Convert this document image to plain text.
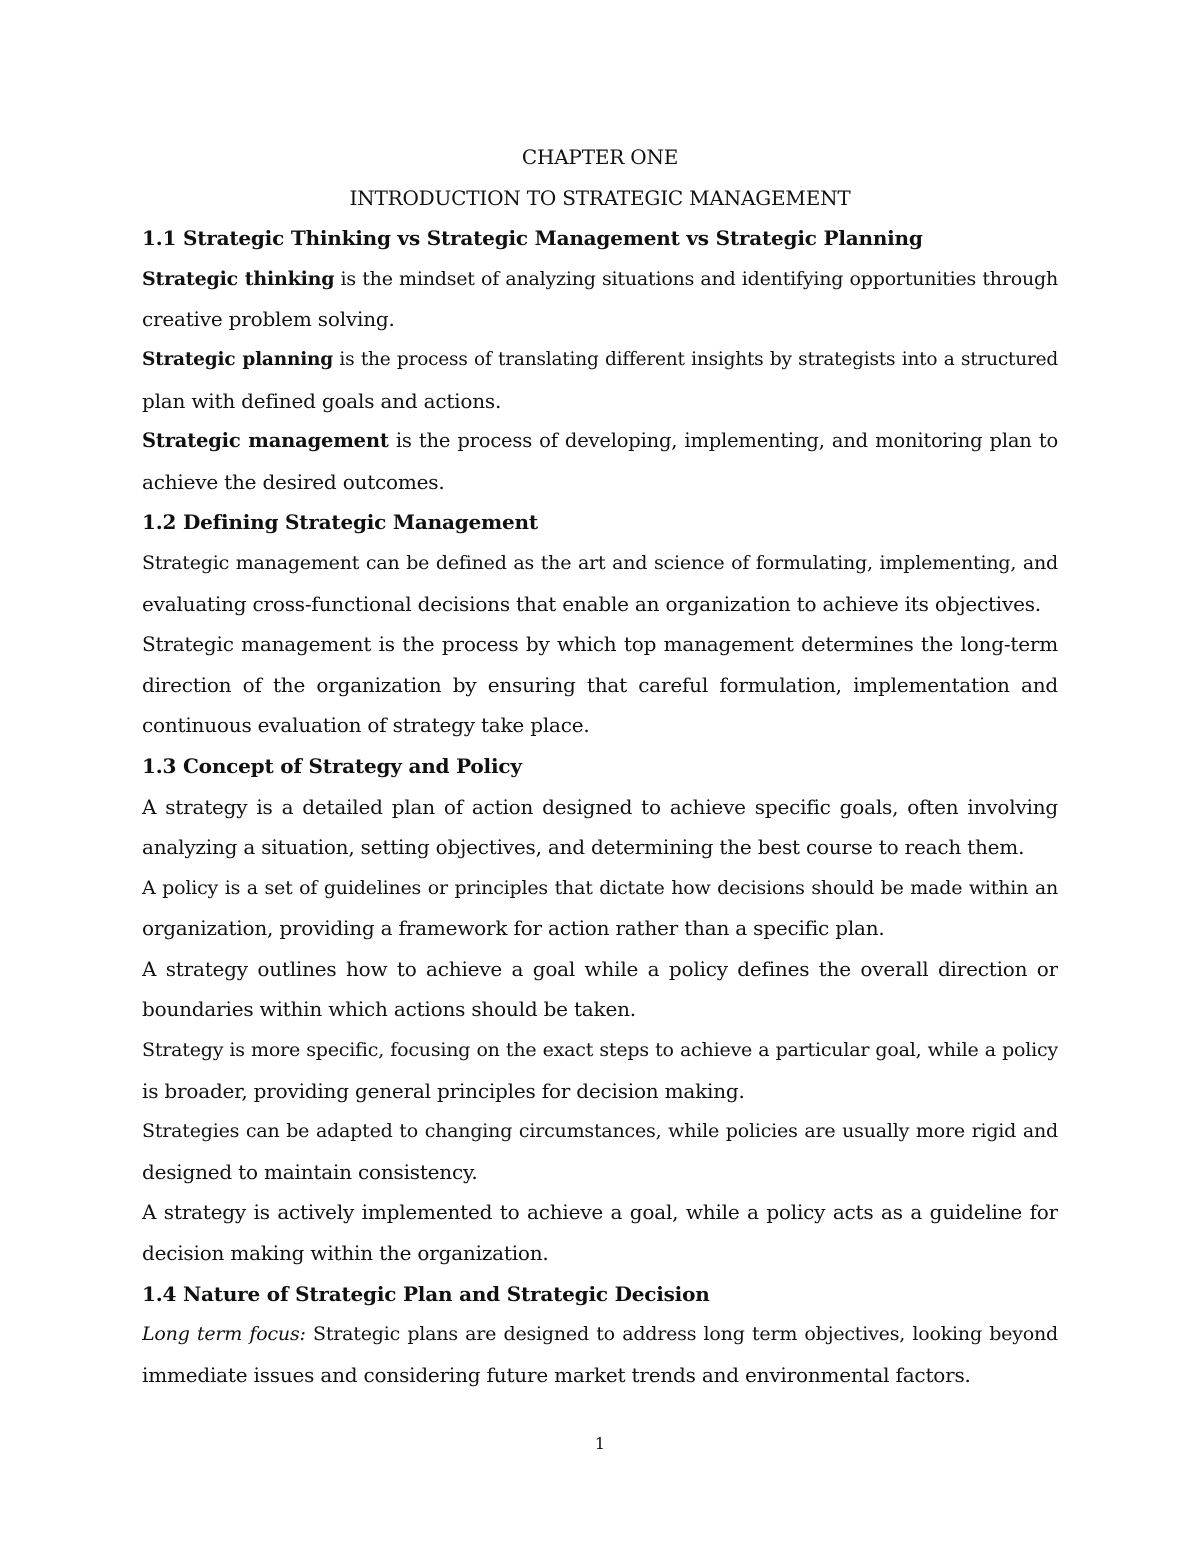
CHAPTER ONE
INTRODUCTION TO STRATEGIC MANAGEMENT
1.1 Strategic Thinking vs Strategic Management vs Strategic Planning
Strategic thinking is the mindset of analyzing situations and identifying opportunities through
creative problem solving.
Strategic planning is the process of translating different insights by strategists into a structured
plan with defined goals and actions.
Strategic management is the process of developing, implementing, and monitoring plan to
achieve the desired outcomes.
1.2 Defining Strategic Management
Strategic management can be defined as the art and science of formulating, implementing, and
evaluating cross-functional decisions that enable an organization to achieve its objectives.
Strategic management is the process by which top management determines the long-term
direction of the organization by ensuring that careful formulation, implementation and
continuous evaluation of strategy take place.
1.3 Concept of Strategy and Policy
A strategy is a detailed plan of action designed to achieve specific goals, often involving
analyzing a situation, setting objectives, and determining the best course to reach them.
A policy is a set of guidelines or principles that dictate how decisions should be made within an
organization, providing a framework for action rather than a specific plan.
A strategy outlines how to achieve a goal while a policy defines the overall direction or
boundaries within which actions should be taken.
Strategy is more specific, focusing on the exact steps to achieve a particular goal, while a policy
is broader, providing general principles for decision making.
Strategies can be adapted to changing circumstances, while policies are usually more rigid and
designed to maintain consistency.
A strategy is actively implemented to achieve a goal, while a policy acts as a guideline for
decision making within the organization.
1.4 Nature of Strategic Plan and Strategic Decision
Long term focus: Strategic plans are designed to address long term objectives, looking beyond
immediate issues and considering future market trends and environmental factors.
1
